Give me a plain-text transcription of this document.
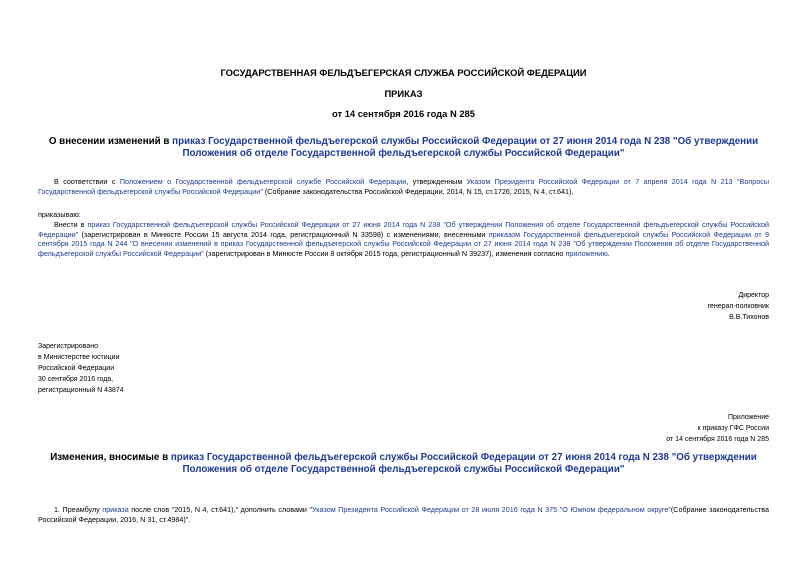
ГОСУДАРСТВЕННАЯ ФЕЛЬДЪЕГЕРСКАЯ СЛУЖБА РОССИЙСКОЙ ФЕДЕРАЦИИ
ПРИКАЗ
от 14 сентября 2016 года N 285
О внесении изменений в приказ Государственной фельдъегерской службы Российской Федерации от 27 июня 2014 года N 238 "Об утверждении Положения об отделе Государственной фельдъегерской службы Российской Федерации"
В соответствии с Положением о Государственной фельдъегерской службе Российской Федерации, утвержденным Указом Президента Российской Федерации от 7 апреля 2014 года N 213 "Вопросы Государственной фельдъегерской службы Российской Федерации" (Собрание законодательства Российской Федерации, 2014, N 15, ст.1726; 2015, N 4, ст.641),
приказываю:
Внести в приказ Государственной фельдъегерской службы Российской Федерации от 27 июня 2014 года N 238 "Об утверждении Положения об отделе Государственной фельдъегерской службы Российской Федерации" (зарегистрирован в Минюсте России 15 августа 2014 года, регистрационный N 33598) с изменениями, внесенными приказом Государственной фельдъегерской службы Российской Федерации от 9 сентября 2015 года N 244 "О внесении изменений в приказ Государственной фельдъегерской службы Российской Федерации от 27 июня 2014 года N 238 "Об утверждении Положения об отделе Государственной фельдъегерской службы Российской Федерации" (зарегистрирован в Минюсте России 8 октября 2015 года, регистрационный N 39237), изменения согласно приложению.

Директор

генерал-полковник

В.В.Тихонов

Зарегистрировано

в Министерстве юстиции

Российской Федерации

30 сентября 2016 года,

регистрационный N 43874

Приложение

к приказу ГФС России

от 14 сентября 2016 года N 285

Изменения, вносимые в приказ Государственной фельдъегерской службы Российской Федерации от 27 июня 2014 года N 238 "Об утверждении Положения об отделе Государственной фельдъегерской службы Российской Федерации"
1. Преамбулу приказа после слов "2015, N 4, ст.641)," дополнить словами "Указом Президента Российской Федерации от 28 июля 2016 года N 375 "О Южном федеральном округе"(Собрание законодательства Российской Федерации, 2016, N 31, ст.4984)".
